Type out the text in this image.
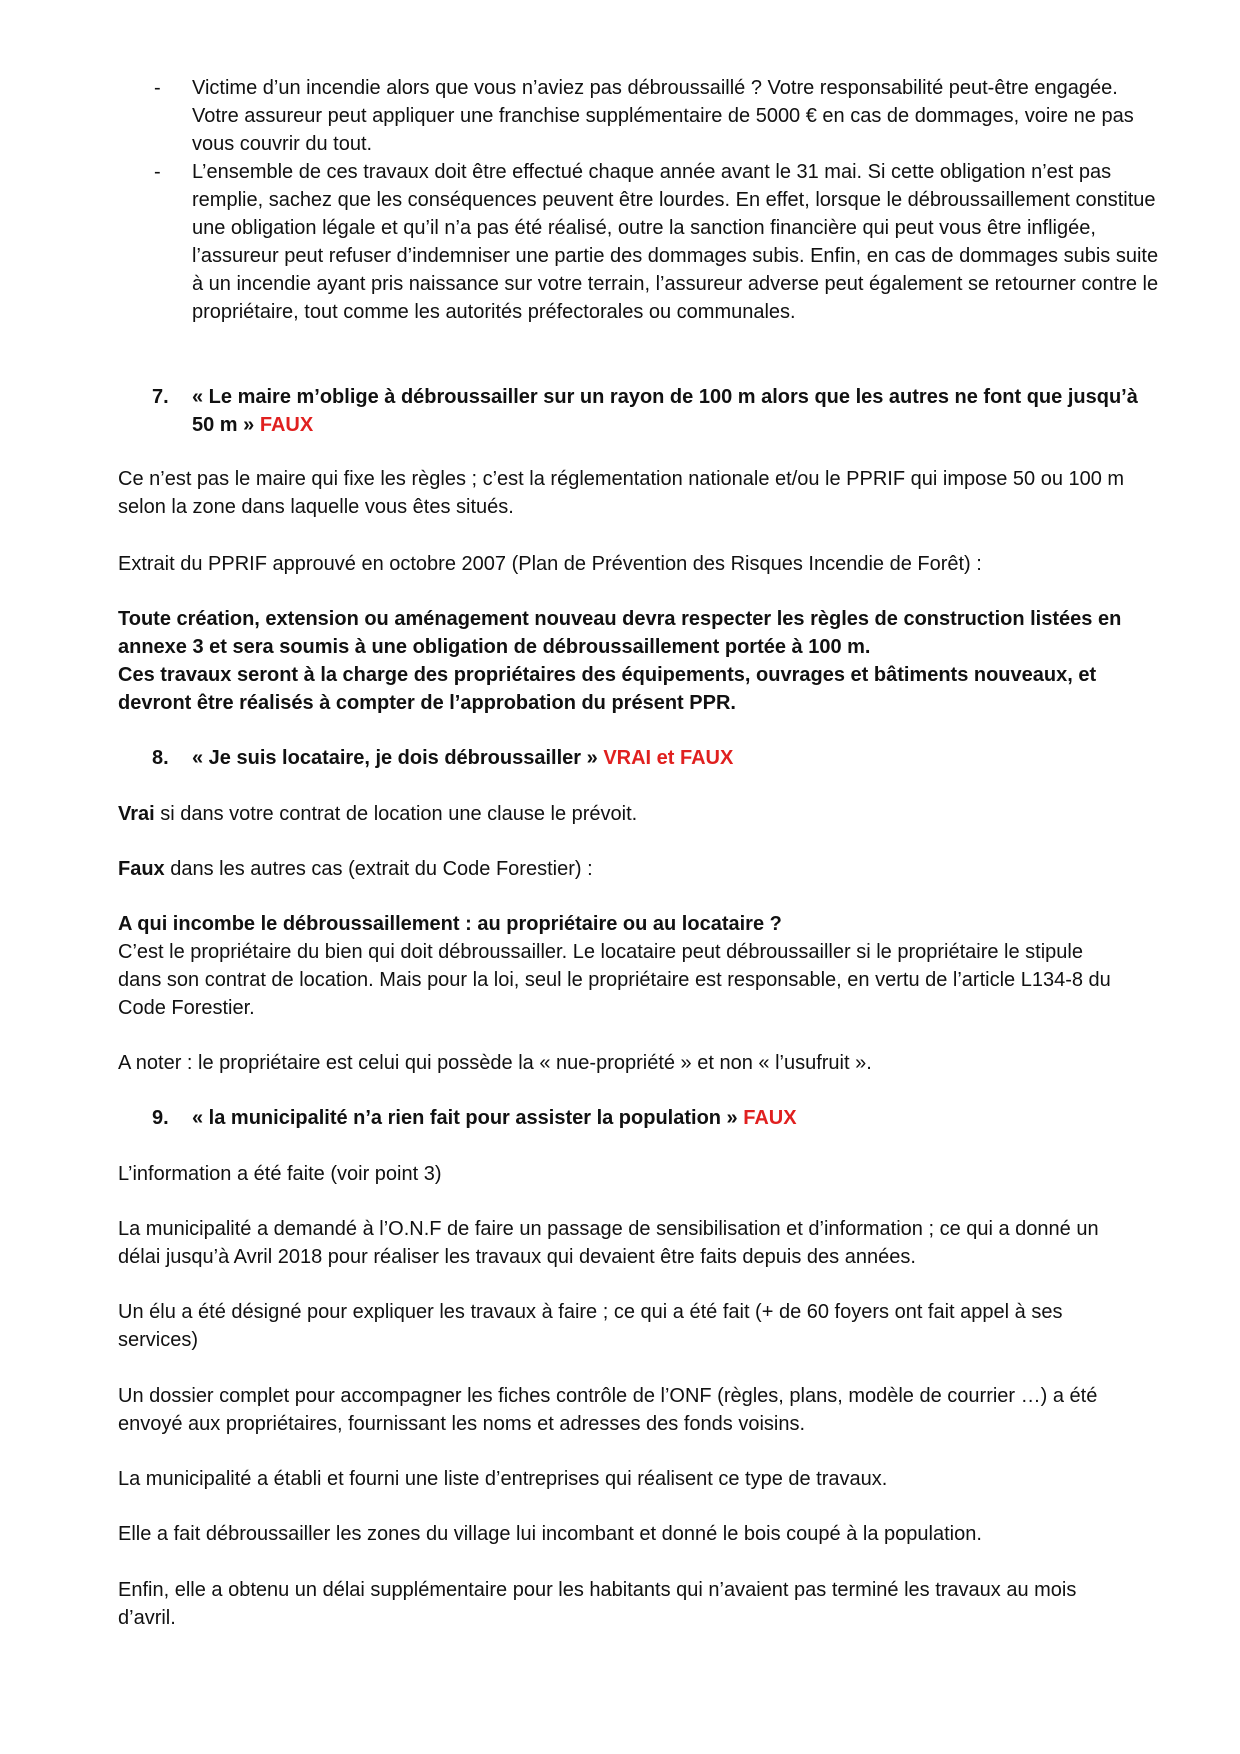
-	Victime d’un incendie alors que vous n’aviez pas débroussaillé ? Votre responsabilité peut-être engagée. Votre assureur peut appliquer une franchise supplémentaire de 5000 € en cas de dommages, voire ne pas vous couvrir du tout.
-	L’ensemble de ces travaux doit être effectué chaque année avant le 31 mai. Si cette obligation n’est pas remplie, sachez que les conséquences peuvent être lourdes. En effet, lorsque le débroussaillement constitue une obligation légale et qu’il n’a pas été réalisé, outre la sanction financière qui peut vous être infligée, l’assureur peut refuser d’indemniser une partie des dommages subis. Enfin, en cas de dommages subis suite à un incendie ayant pris naissance sur votre terrain, l’assureur adverse peut également se retourner contre le propriétaire, tout comme les autorités préfectorales ou communales.
7. « Le maire m’oblige à débroussailler sur un rayon de 100 m alors que les autres ne font que jusqu’à 50 m » FAUX

Ce n’est pas le maire qui fixe les règles ; c’est la réglementation nationale et/ou le PPRIF qui impose 50 ou 100 m selon la zone dans laquelle vous êtes situés.

Extrait du PPRIF approuvé en octobre 2007 (Plan de Prévention des Risques Incendie de Forêt) :

Toute création, extension ou aménagement nouveau devra respecter les règles de construction listées en annexe 3 et sera soumis à une obligation de débroussaillement portée à 100 m.
Ces travaux seront à la charge des propriétaires des équipements, ouvrages et bâtiments nouveaux, et devront être réalisés à compter de l’approbation du présent PPR.
8. « Je suis locataire, je dois débroussailler » VRAI et FAUX

Vrai si dans votre contrat de location une clause le prévoit.

Faux dans les autres cas (extrait du Code Forestier) :

A qui incombe le débroussaillement : au propriétaire ou au locataire ?
C’est le propriétaire du bien qui doit débroussailler. Le locataire peut débroussailler si le propriétaire le stipule dans son contrat de location. Mais pour la loi, seul le propriétaire est responsable, en vertu de l’article L134-8 du Code Forestier.

A noter : le propriétaire est celui qui possède la « nue-propriété » et non « l’usufruit ».

9. « la municipalité n’a rien fait pour assister la population » FAUX

L’information a été faite (voir point 3)

La municipalité a demandé à l’O.N.F de faire un passage de sensibilisation et d’information ; ce qui a donné un délai jusqu’à Avril 2018 pour réaliser les travaux qui devaient être faits depuis des années.

Un élu a été désigné pour expliquer les travaux à faire ; ce qui a été fait (+ de 60 foyers ont fait appel à ses services)

Un dossier complet pour accompagner les fiches contrôle de l’ONF (règles, plans, modèle de courrier …) a été envoyé aux propriétaires, fournissant les noms et adresses des fonds voisins.

La municipalité a établi et fourni une liste d’entreprises qui réalisent ce type de travaux.

Elle a fait débroussailler les zones du village lui incombant et donné le bois coupé à la population.

Enfin, elle a obtenu un délai supplémentaire pour les habitants qui n’avaient pas terminé les travaux au mois d’avril.
